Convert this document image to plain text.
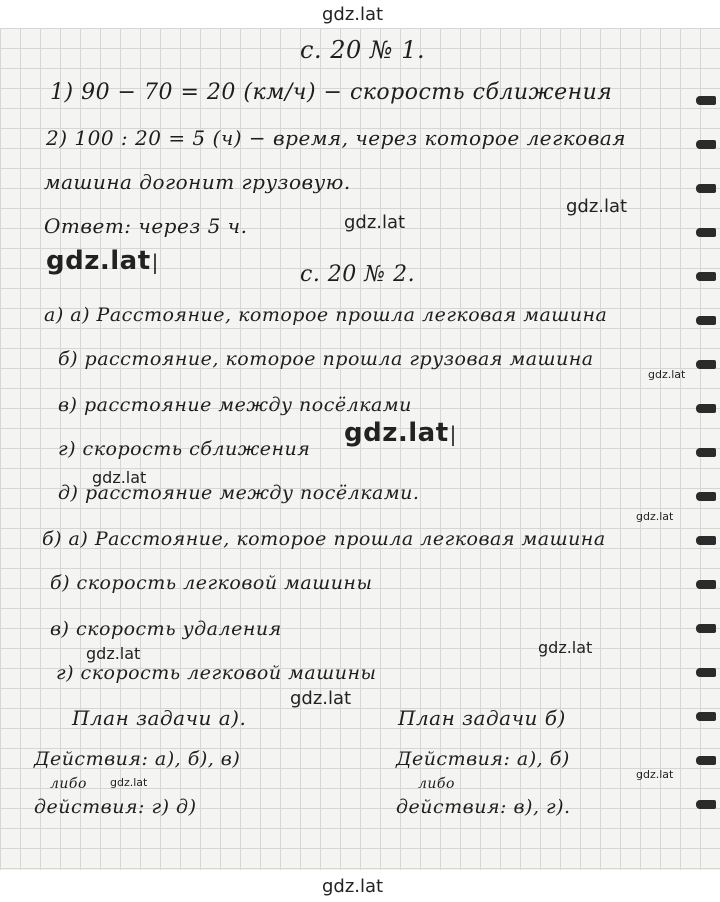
gdz.lat
с. 20 № 1.
1) 90 − 70 = 20 (км/ч) − скорость сближения
2) 100 : 20 = 5 (ч) − время, через которое легковая
машина догонит грузовую.
Ответ: через 5 ч.
с. 20 № 2.
а) а) Расстояние, которое прошла легковая машина
б) расстояние, которое прошла грузовая машина
в) расстояние между посёлками
г) скорость сближения
д) расстояние между посёлками.
б) а) Расстояние, которое прошла легковая машина
б) скорость легковой машины
в) скорость удаления
г) скорость легковой машины
План задачи а).	План задачи б)
Действия: а), б), в)
либо
действия: г) д)
Действия: а), б)
либо
действия: в), г).
gdz.lat
gdz.lat
gdz.lat |
gdz.lat |
gdz.lat
gdz.lat
gdz.lat
gdz.lat
gdz.lat	gdz.lat
gdz.lat
gdz.lat
gdz.lat
